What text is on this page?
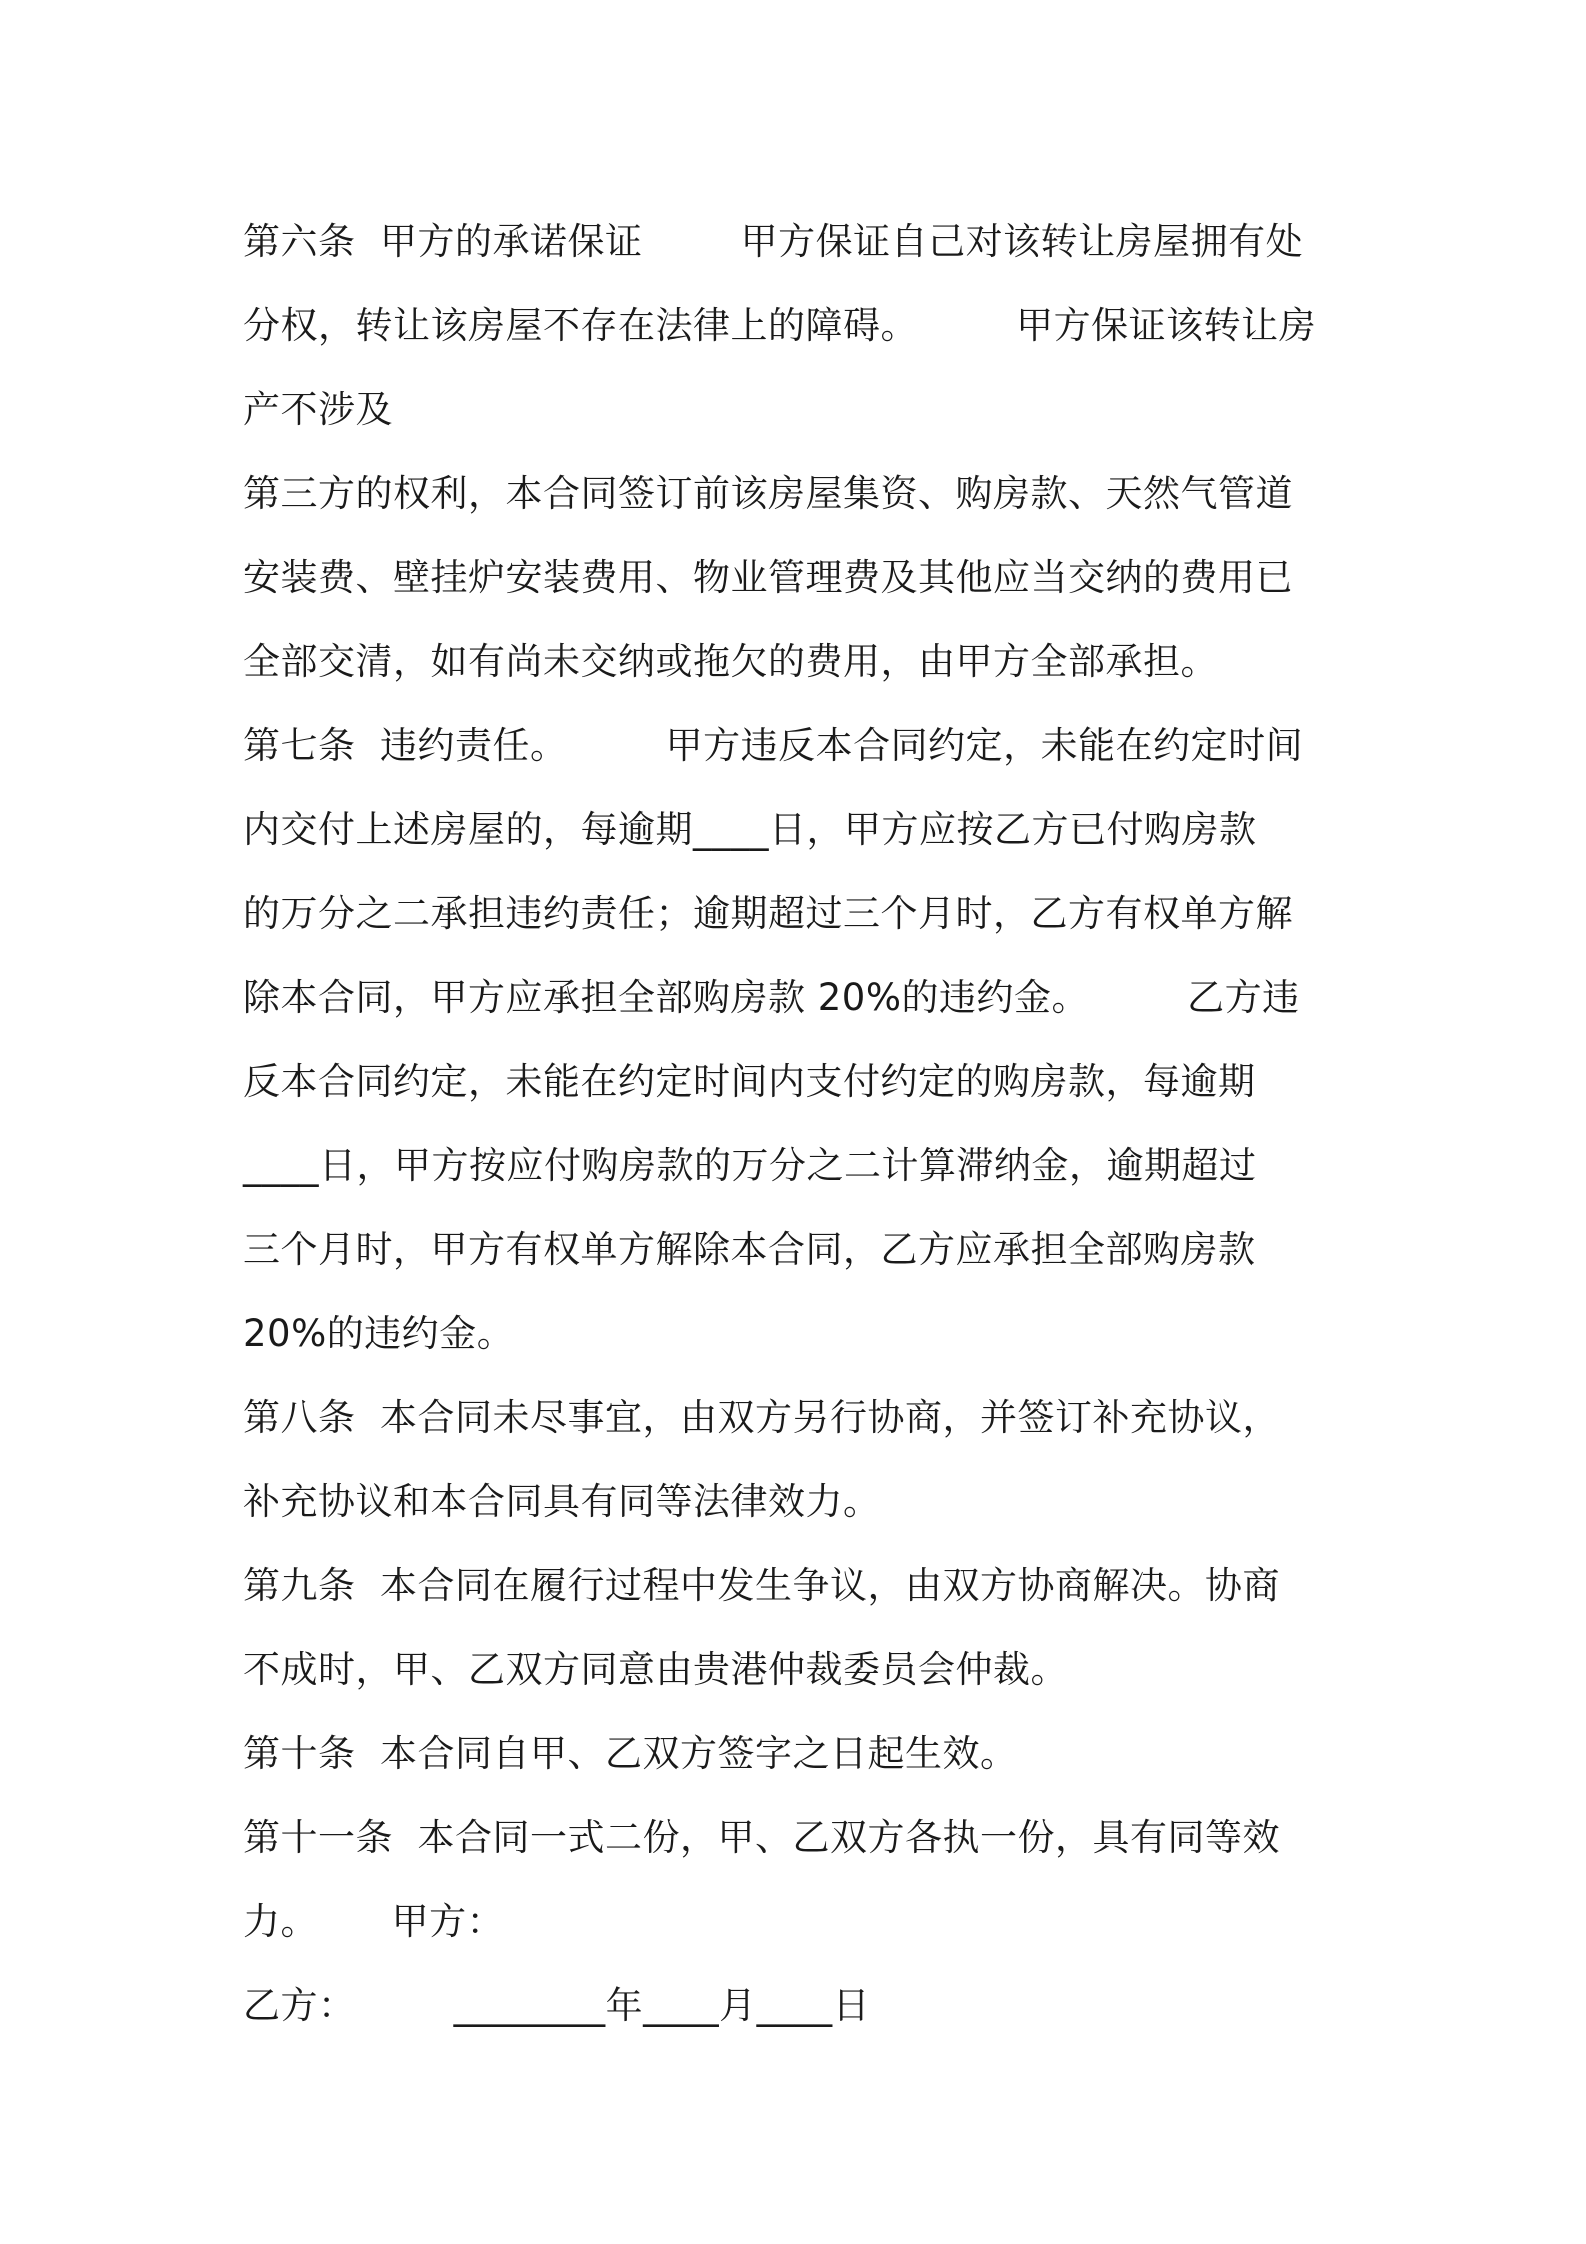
第六条  甲方的承诺保证        甲方保证自己对该转让房屋拥有处
分权，转让该房屋不存在法律上的障碍。        甲方保证该转让房
产不涉及
第三方的权利，本合同签订前该房屋集资、购房款、天然气管道
安装费、壁挂炉安装费用、物业管理费及其他应当交纳的费用已
全部交清，如有尚未交纳或拖欠的费用，由甲方全部承担。
第七条  违约责任。        甲方违反本合同约定，未能在约定时间
内交付上述房屋的，每逾期____日，甲方应按乙方已付购房款
的万分之二承担违约责任；逾期超过三个月时，乙方有权单方解
除本合同，甲方应承担全部购房款 20%的违约金。        乙方违
反本合同约定，未能在约定时间内支付约定的购房款，每逾期
____日，甲方按应付购房款的万分之二计算滞纳金，逾期超过
三个月时，甲方有权单方解除本合同，乙方应承担全部购房款
20%的违约金。
第八条  本合同未尽事宜，由双方另行协商，并签订补充协议，
补充协议和本合同具有同等法律效力。
第九条  本合同在履行过程中发生争议，由双方协商解决。协商
不成时，甲、乙双方同意由贵港仲裁委员会仲裁。
第十条  本合同自甲、乙双方签字之日起生效。
第十一条  本合同一式二份，甲、乙双方各执一份，具有同等效
力。      甲方：
乙方：        ________年____月____日
